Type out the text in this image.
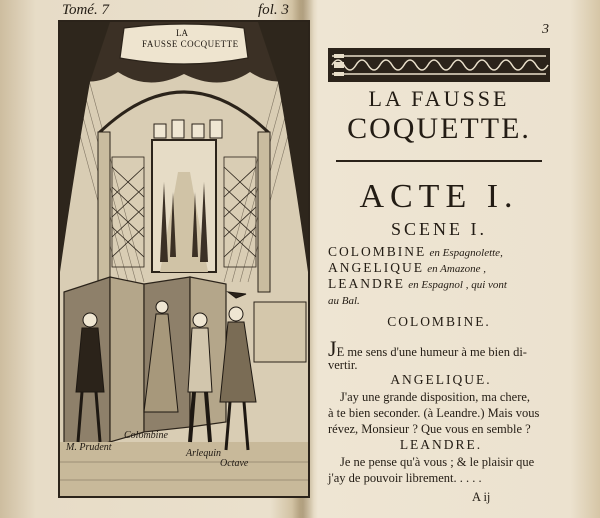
Tomé. 7	fol. 3
LA
FAUSSE COCQUETTE
M. Prudent
Colombine
Arlequin
Octave
3
LA FAUSSE
COQUETTE.
ACTE I.
SCENE I.
COLOMBINE en Espagnolette,
ANGELIQUE en Amazone ,
LEANDRE en Espagnol , qui vont
au Bal.
COLOMBINE.
JE me sens d'une humeur à me bien di-
vertir.
ANGELIQUE.
J'ay une grande disposition, ma chere,
à te bien seconder. (à Leandre.) Mais vous
révez, Monsieur ? Que vous en semble ?
LEANDRE.
Je ne pense qu'à vous ; & le plaisir que
j'ay de pouvoir librement. . . . .
A ij
